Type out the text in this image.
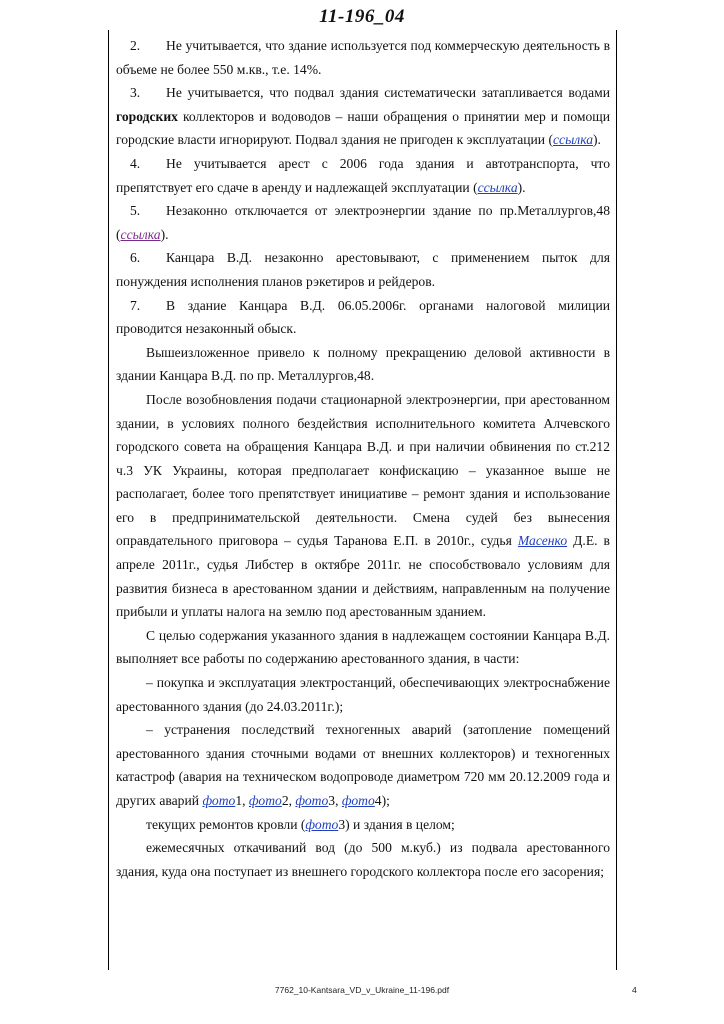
11-196_04

2. Не учитывается, что здание используется под коммерческую деятельность в объеме не более 550 м.кв., т.е. 14%.

3. Не учитывается, что подвал здания систематически затапливается водами городских коллекторов и водоводов – наши обращения о принятии мер и помощи городские власти игнорируют. Подвал здания не пригоден к эксплуатации (ссылка).

4. Не учитывается арест с 2006 года здания и автотранспорта, что препятствует его сдаче в аренду и надлежащей эксплуатации (ссылка).

5. Незаконно отключается от электроэнергии здание по пр.Металлургов,48 (ссылка).

6. Канцара В.Д. незаконно арестовывают, с применением пыток для понуждения исполнения планов рэкетиров и рейдеров.

7. В здание Канцара В.Д. 06.05.2006г. органами налоговой милиции проводится незаконный обыск.

Вышеизложенное привело к полному прекращению деловой активности в здании Канцара В.Д. по пр. Металлургов,48.

После возобновления подачи стационарной электроэнергии, при арестованном здании, в условиях полного бездействия исполнительного комитета Алчевского городского совета на обращения Канцара В.Д. и при наличии обвинения по ст.212 ч.3 УК Украины, которая предполагает конфискацию – указанное выше не располагает, более того препятствует инициативе – ремонт здания и использование его в предпринимательской деятельности. Смена судей без вынесения оправдательного приговора – судья Таранова Е.П. в 2010г., судья Масенко Д.Е. в апреле 2011г., судья Либстер в октябре 2011г. не способствовало условиям для развития бизнеса в арестованном здании и действиям, направленным на получение прибыли и уплаты налога на землю под арестованным зданием.

С целью содержания указанного здания в надлежащем состоянии Канцара В.Д. выполняет все работы по содержанию арестованного здания, в части:

– покупка и эксплуатация электростанций, обеспечивающих электроснабжение арестованного здания (до 24.03.2011г.);

– устранения последствий техногенных аварий (затопление помещений арестованного здания сточными водами от внешних коллекторов) и техногенных катастроф (авария на техническом водопроводе диаметром 720 мм 20.12.2009 года и других аварий фото1, фото2, фото3, фото4);

текущих ремонтов кровли (фото3) и здания в целом;

ежемесячных откачиваний вод (до 500 м.куб.) из подвала арестованного здания, куда она поступает из внешнего городского коллектора после его засорения;

7762_10-Kantsara_VD_v_Ukraine_11-196.pdf	4
